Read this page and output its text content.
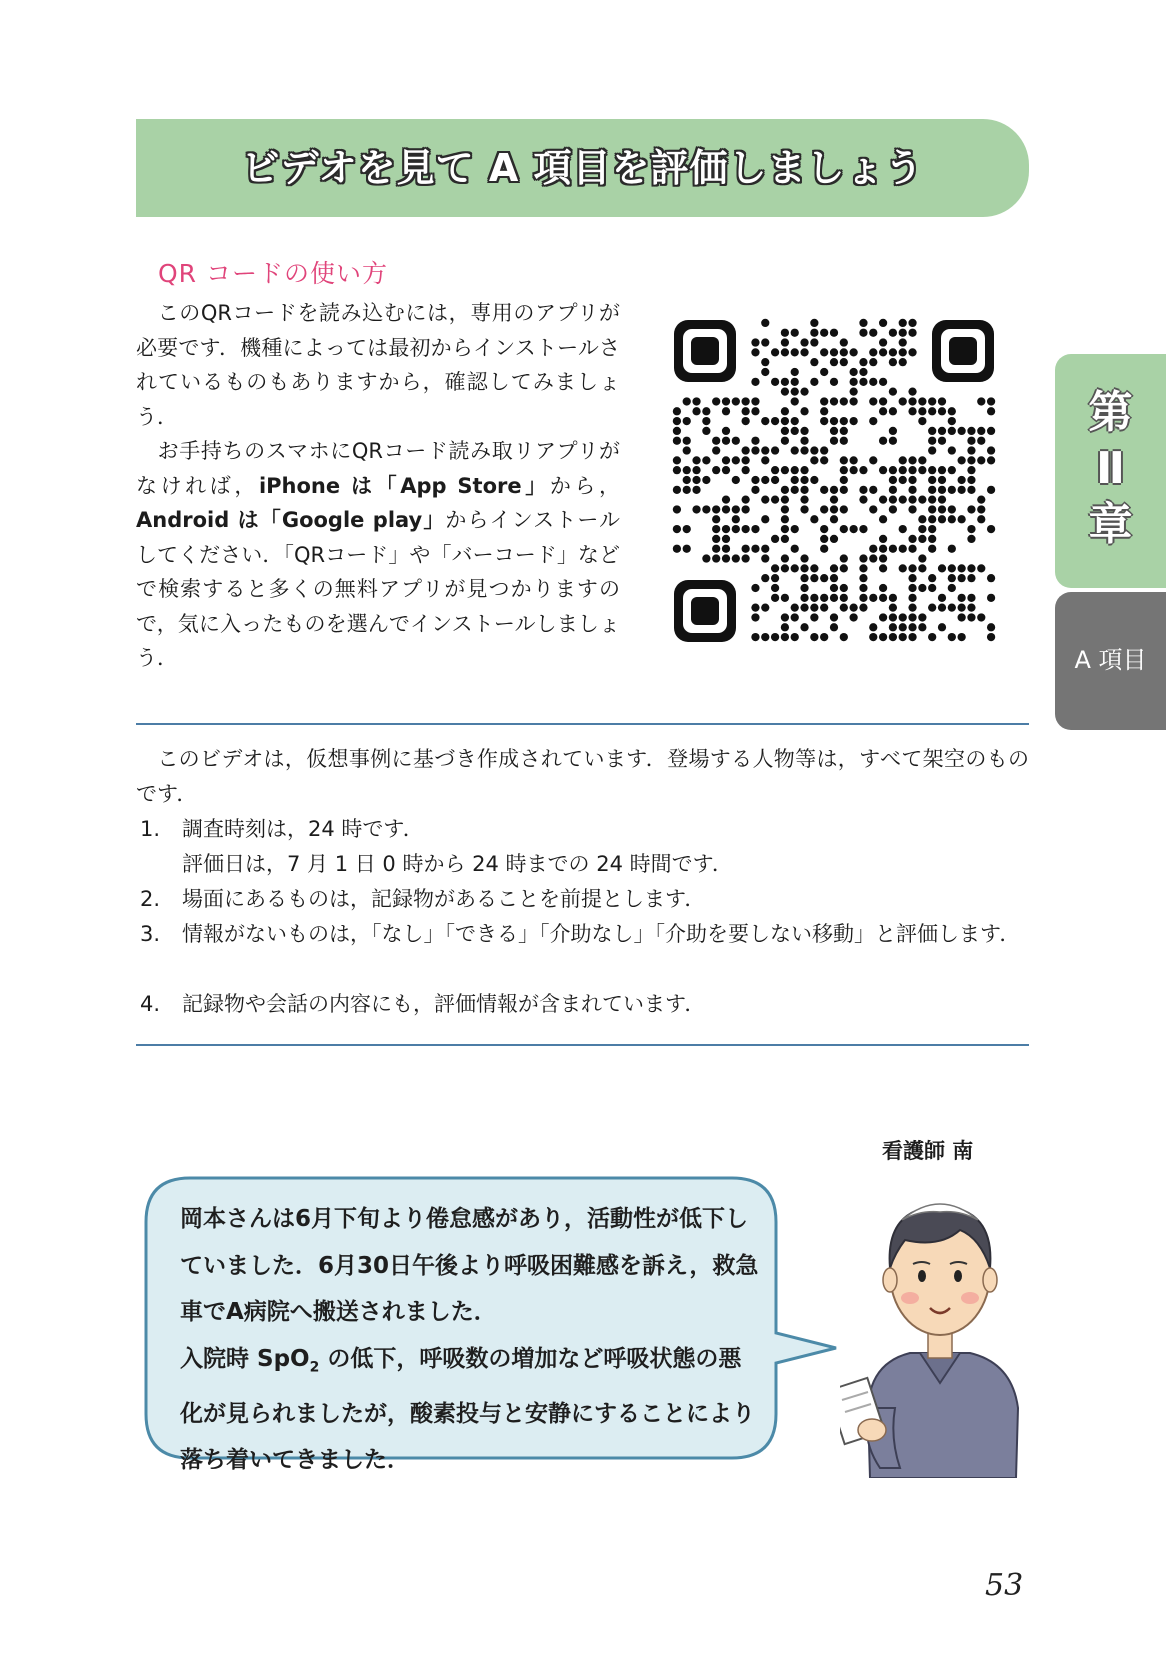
ビデオを見て A 項目を評価しましょう
第
Ⅱ
章
A 項目
QR コードの使い方
このQRコードを読み込むには，専用のアプリが必要です．機種によっては最初からインストールされているものもありますから，確認してみましょう．
お手持ちのスマホにQRコード読み取リアプリがなければ，iPhone は「App Store」から，Android は「Google play」からインストールしてください．「QRコード」や「バーコード」などで検索すると多くの無料アプリが見つかりますので，気に入ったものを選んでインストールしましょう．
このビデオは，仮想事例に基づき作成されています．登場する人物等は，すべて架空のものです．
1.	調査時刻は，24 時です．
評価日は，7 月 1 日 0 時から 24 時までの 24 時間です．
2.	場面にあるものは，記録物があることを前提とします．
3.	情報がないものは，「なし」「できる」「介助なし」「介助を要しない移動」と評価します．
4.	記録物や会話の内容にも，評価情報が含まれています．
看護師 南
岡本さんは6月下旬より倦怠感があり，活動性が低下していました．6月30日午後より呼吸困難感を訴え，救急車でA病院へ搬送されました．
入院時 SpO$_2$ の低下，呼吸数の増加など呼吸状態の悪化が見られましたが，酸素投与と安静にすることにより落ち着いてきました．
53
